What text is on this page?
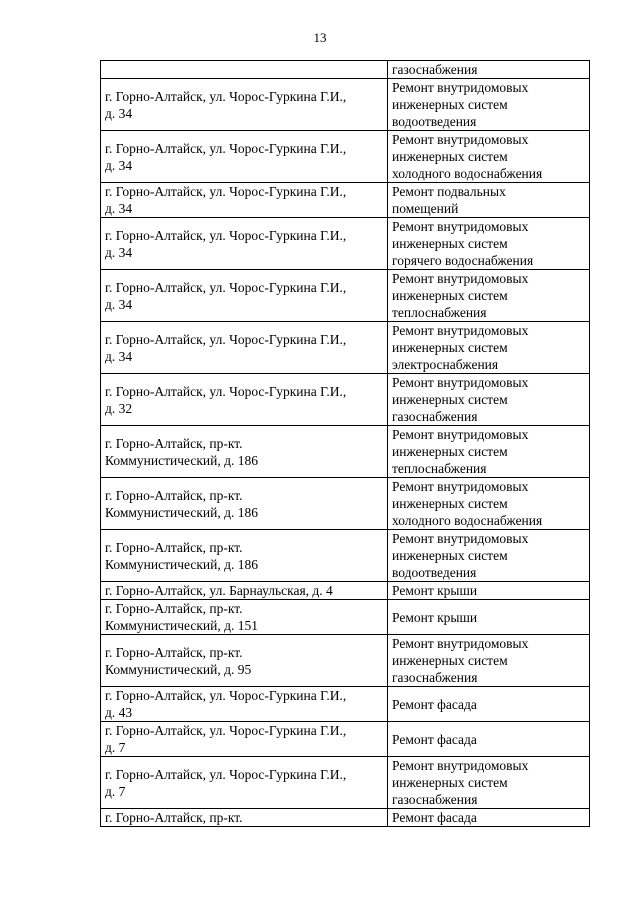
13

	газоснабжения

г. Горно-Алтайск, ул. Чорос-Гуркина Г.И.,
д. 34	Ремонт внутридомовых
инженерных систем
водоотведения

г. Горно-Алтайск, ул. Чорос-Гуркина Г.И.,
д. 34	Ремонт внутридомовых
инженерных систем
холодного водоснабжения

г. Горно-Алтайск, ул. Чорос-Гуркина Г.И.,
д. 34	Ремонт подвальных
помещений

г. Горно-Алтайск, ул. Чорос-Гуркина Г.И.,
д. 34	Ремонт внутридомовых
инженерных систем
горячего водоснабжения

г. Горно-Алтайск, ул. Чорос-Гуркина Г.И.,
д. 34	Ремонт внутридомовых
инженерных систем
теплоснабжения

г. Горно-Алтайск, ул. Чорос-Гуркина Г.И.,
д. 34	Ремонт внутридомовых
инженерных систем
электроснабжения

г. Горно-Алтайск, ул. Чорос-Гуркина Г.И.,
д. 32	Ремонт внутридомовых
инженерных систем
газоснабжения

г. Горно-Алтайск, пр-кт.
Коммунистический, д. 186	Ремонт внутридомовых
инженерных систем
теплоснабжения

г. Горно-Алтайск, пр-кт.
Коммунистический, д. 186	Ремонт внутридомовых
инженерных систем
холодного водоснабжения

г. Горно-Алтайск, пр-кт.
Коммунистический, д. 186	Ремонт внутридомовых
инженерных систем
водоотведения

г. Горно-Алтайск, ул. Барнаульская, д. 4	Ремонт крыши

г. Горно-Алтайск, пр-кт.
Коммунистический, д. 151	Ремонт крыши

г. Горно-Алтайск, пр-кт.
Коммунистический, д. 95	Ремонт внутридомовых
инженерных систем
газоснабжения

г. Горно-Алтайск, ул. Чорос-Гуркина Г.И.,
д. 43	Ремонт фасада

г. Горно-Алтайск, ул. Чорос-Гуркина Г.И.,
д. 7	Ремонт фасада

г. Горно-Алтайск, ул. Чорос-Гуркина Г.И.,
д. 7	Ремонт внутридомовых
инженерных систем
газоснабжения

г. Горно-Алтайск, пр-кт.	Ремонт фасада
